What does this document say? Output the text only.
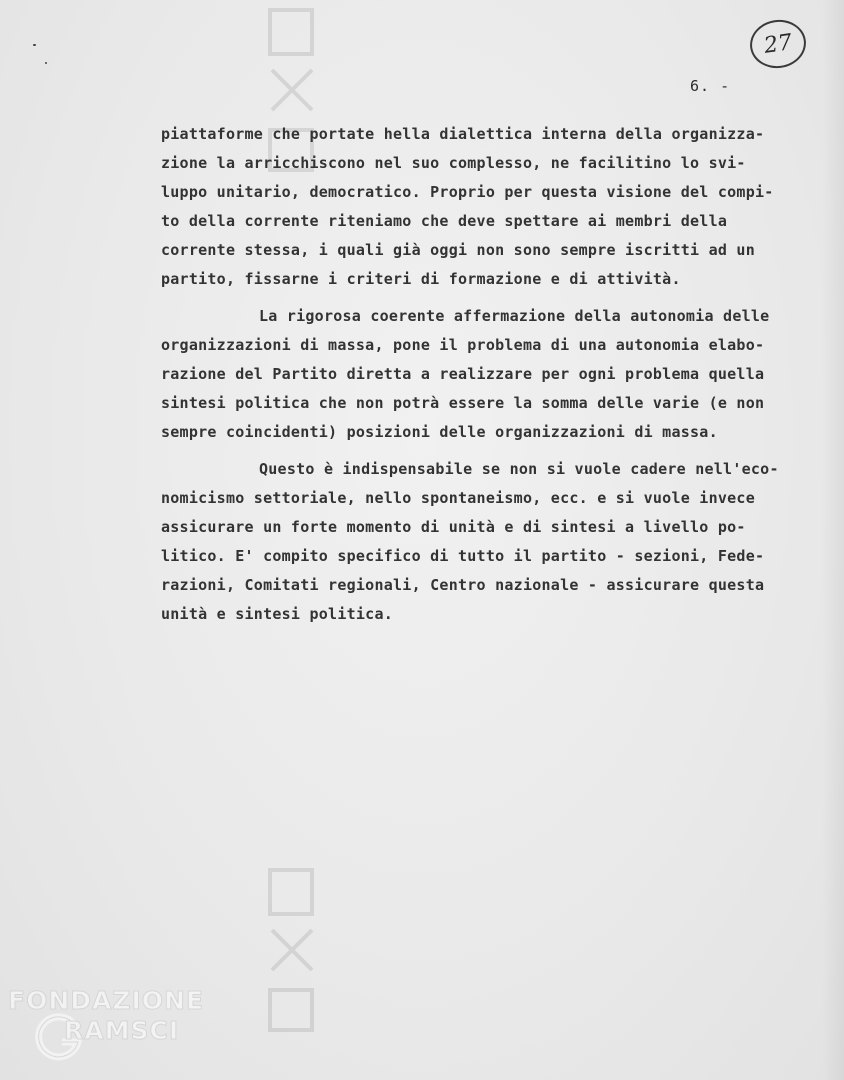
27
6. -
piattaforme che portate hella dialettica interna della organizza-
zione la arricchiscono nel suo complesso, ne facilitino lo svi-
luppo unitario, democratico. Proprio per questa visione del compi-
to della corrente riteniamo che deve spettare ai membri della
corrente stessa, i quali già oggi non sono sempre iscritti ad un
partito, fissarne i criteri di formazione e di attività.
La rigorosa coerente affermazione della autonomia delle
organizzazioni di massa, pone il problema di una autonomia elabo-
razione del Partito diretta a realizzare per ogni problema quella
sintesi politica che non potrà essere la somma delle varie (e non
sempre coincidenti) posizioni delle organizzazioni di massa.
Questo è indispensabile se non si vuole cadere nell'eco-
nomicismo settoriale, nello spontaneismo, ecc. e si vuole invece
assicurare un forte momento di unità e di sintesi a livello po-
litico. E' compito specifico di tutto il partito - sezioni, Fede-
razioni, Comitati regionali, Centro nazionale - assicurare questa
unità e sintesi politica.
FONDAZIONE
RAMSCI
